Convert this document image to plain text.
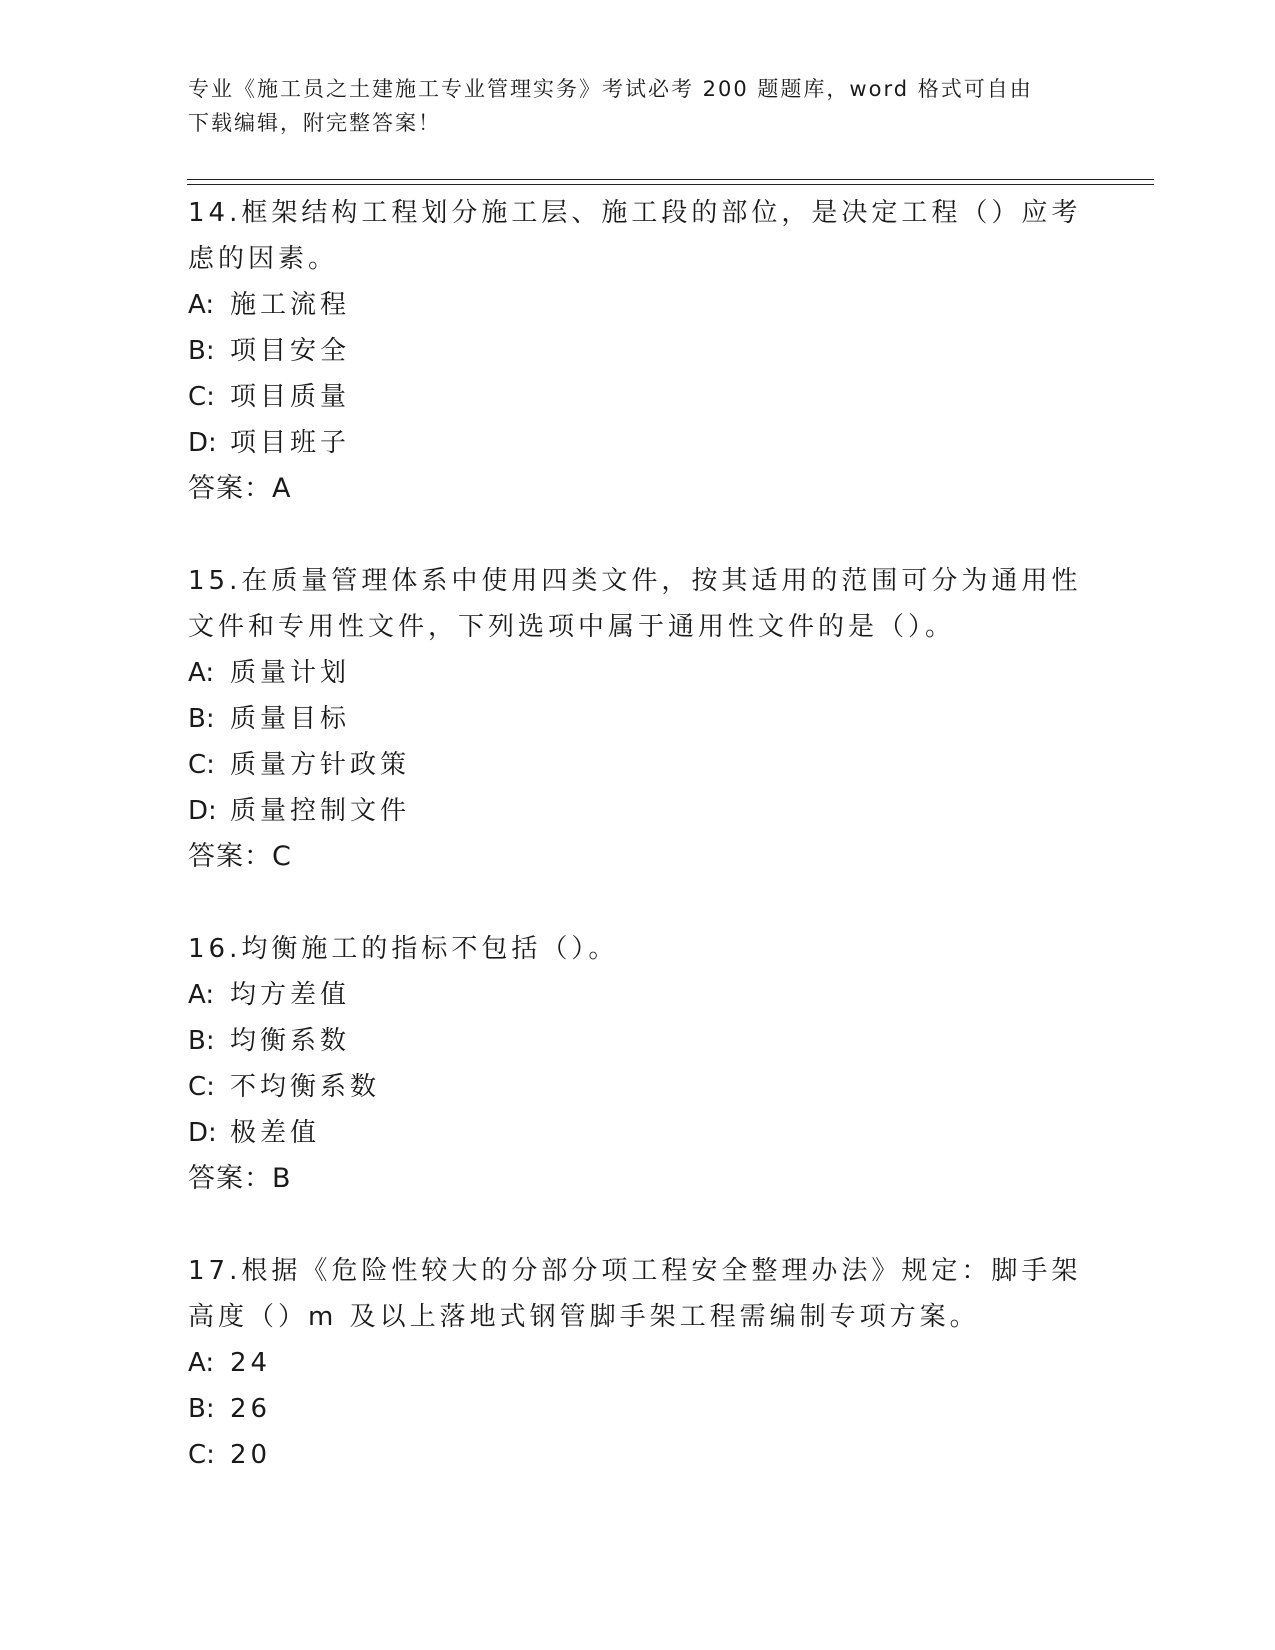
专业《施工员之土建施工专业管理实务》考试必考 200 题题库，word 格式可自由
下载编辑，附完整答案！
14.框架结构工程划分施工层、施工段的部位，是决定工程（）应考虑的因素。
A: 施工流程
B: 项目安全
C: 项目质量
D: 项目班子
答案：A
15.在质量管理体系中使用四类文件，按其适用的范围可分为通用性文件和专用性文件，下列选项中属于通用性文件的是（）。
A: 质量计划
B: 质量目标
C: 质量方针政策
D: 质量控制文件
答案：C
16.均衡施工的指标不包括（）。
A: 均方差值
B: 均衡系数
C: 不均衡系数
D: 极差值
答案：B
17.根据《危险性较大的分部分项工程安全整理办法》规定：脚手架高度（）m 及以上落地式钢管脚手架工程需编制专项方案。
A: 24
B: 26
C: 20
